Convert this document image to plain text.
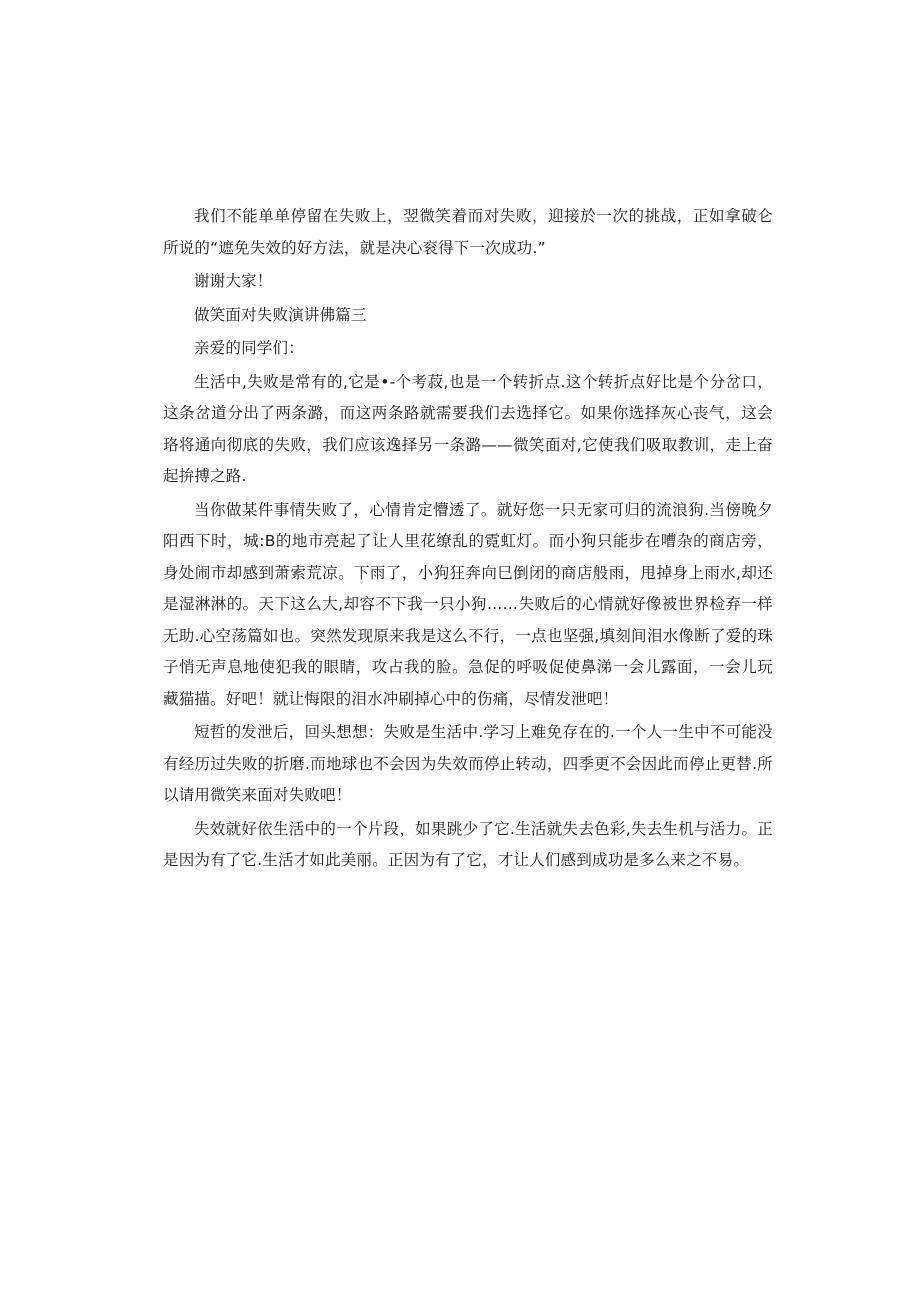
我们不能单单停留在失败上，翌微笑着而对失败，迎接於一次的挑战，正如拿破仑所说的“遮免失效的好方法，就是决心衮得下一次成功.”

谢谢大家！

做笑面对失败演讲佛篇三

亲爱的同学们：

生活中,失败是常有的,它是•-个考菽,也是一个转折点.这个转折点好比是个分岔口，这条岔道分出了两条潞，而这两条路就需要我们去选择它。如果你选择灰心丧气，这会珞将通向彻底的失败，我们应该逸择另一条潞——微笑面对,它使我们吸取教训，走上奋起拚搏之路.

当你做某件事情失败了，心情肯定懵透了。就好您一只无家可归的流浪狗.当傍晚夕阳西下时，城:B的地市亮起了让人里花缭乱的霓虹灯。而小狗只能步在嘈杂的商店旁，身处闹市却感到萧索荒凉。下雨了，小狗狂奔向巳倒闭的商店般雨，甩掉身上雨水,却还是湿淋淋的。天下这么大,却容不下我一只小狗……失败后的心情就好像被世界检弃一样无助.心空荡篇如也。突然发现原来我是这么不行，一点也坚强,填刻间泪水像断了爱的珠子悄无声息地使犯我的眼睛，攻占我的脸。急促的呼吸促使鼻涕一会儿露面，一会儿玩藏猫描。好吧！就让悔限的泪水冲刷掉心中的伤痛，尽情发泄吧！

短哲的发泄后，回头想想：失败是生活中.学习上难免存在的.一个人一生中不可能没有经历过失败的折磨.而地球也不会因为失效而停止转动，四季更不会因此而停止更替.所以请用微笑来面对失败吧！

失效就好依生活中的一个片段，如果跳少了它.生活就失去色彩,失去生机与活力。正是因为有了它.生活才如此美丽。正因为有了它，才让人们感到成功是多么来之不易。
